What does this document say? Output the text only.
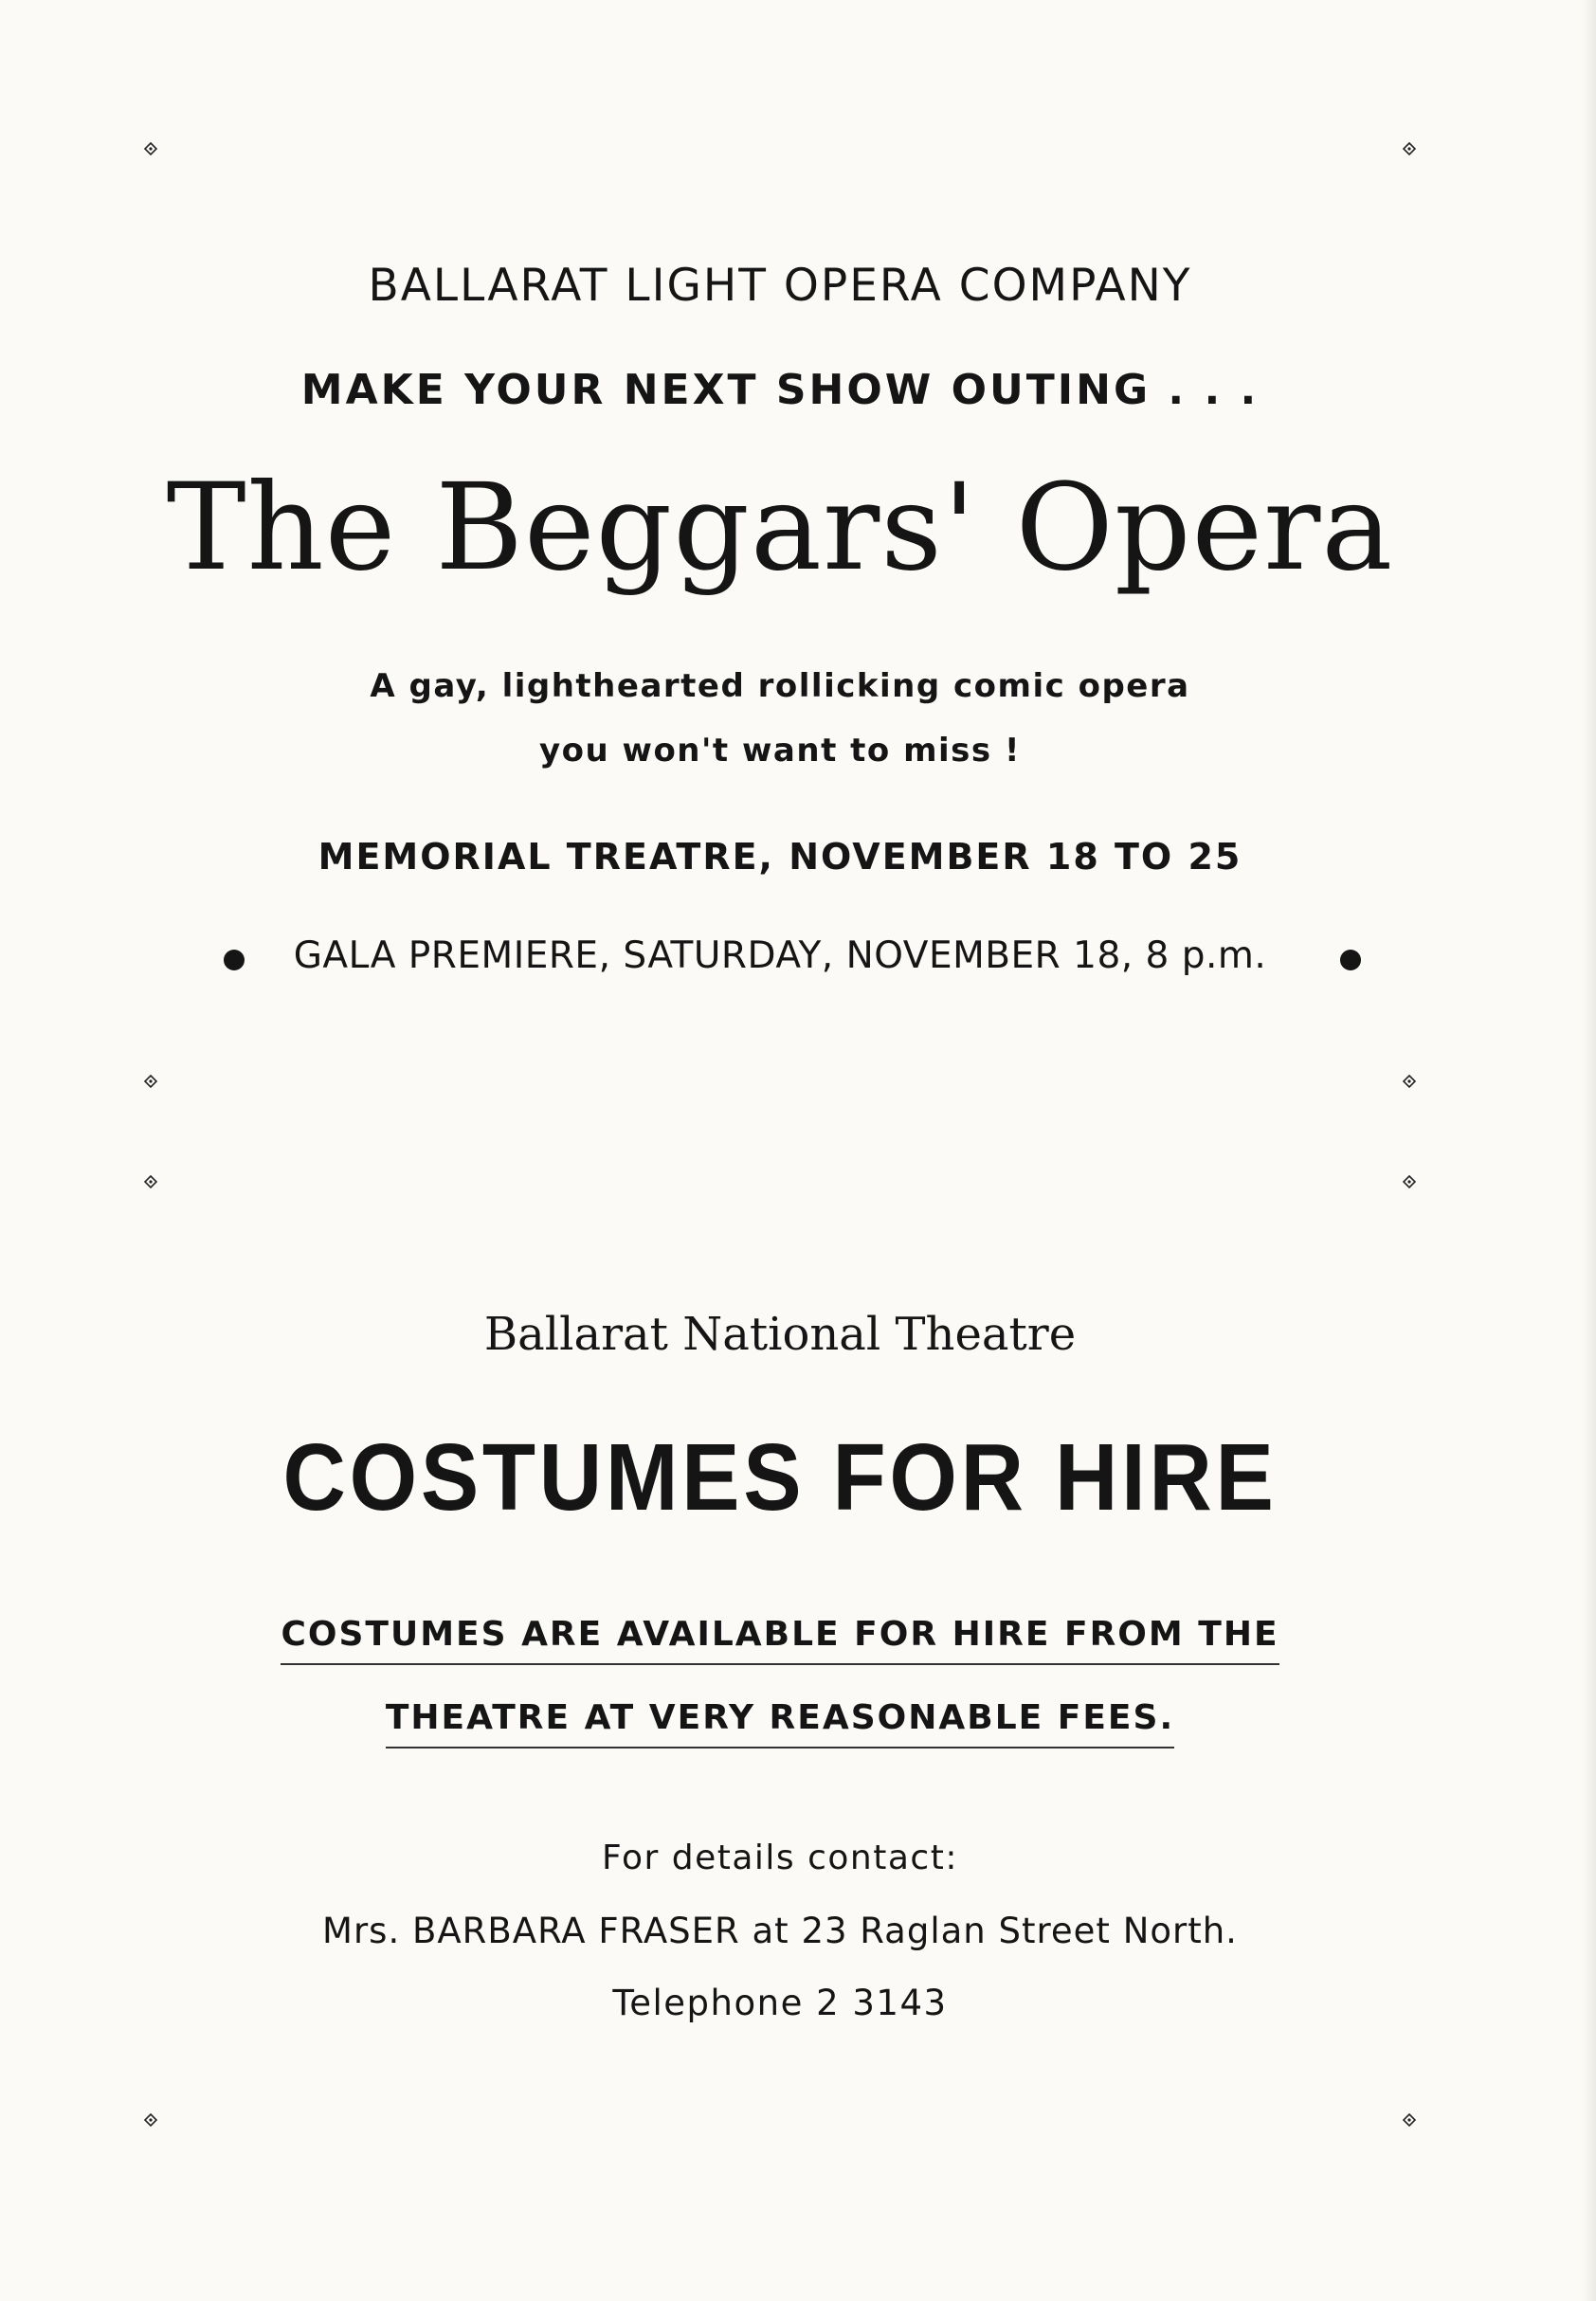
BALLARAT LIGHT OPERA COMPANY
MAKE YOUR NEXT SHOW OUTING . . .
The Beggars' Opera
A gay, lighthearted rollicking comic opera
you won't want to miss !
MEMORIAL TREATRE, NOVEMBER 18 TO 25
GALA PREMIERE, SATURDAY, NOVEMBER 18, 8 p.m.
Ballarat National Theatre
COSTUMES FOR HIRE
COSTUMES ARE AVAILABLE FOR HIRE FROM THE
THEATRE AT VERY REASONABLE FEES.
For details contact:
Mrs. BARBARA FRASER at 23 Raglan Street North.
Telephone 2 3143
